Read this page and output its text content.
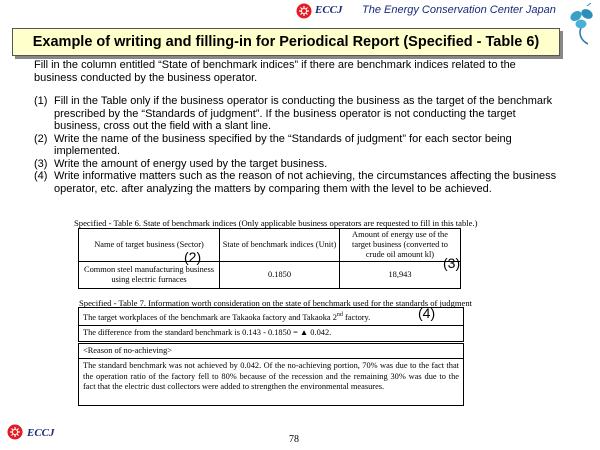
ECCJ The Energy Conservation Center Japan
Example of writing and filling-in for Periodical Report (Specified - Table 6)
Fill in the column entitled “State of benchmark indices” if there are benchmark indices related to the business conducted by the business operator.
(1) Fill in the Table only if the business operator is conducting the business as the target of the benchmark prescribed by the “Standards of judgment”. If the business operator is not conducting the target business, cross out the field with a slant line.
(2) Write the name of the business specified by the “Standards of judgment” for each sector being implemented.
(3) Write the amount of energy used by the target business.
(4) Write informative matters such as the reason of not achieving, the circumstances affecting the business operator, etc. after analyzing the matters by comparing them with the level to be achieved.
Specified - Table 6. State of benchmark indices (Only applicable business operators are requested to fill in this table.)
Name of target business (Sector)	State of benchmark indices (Unit)	Amount of energy use of the target business (converted to crude oil amount kl)
Common steel manufacturing business using electric furnaces	0.1850	18,943
(2)	(3)
Specified - Table 7. Information worth consideration on the state of benchmark used for the standards of judgment
The target workplaces of the benchmark are Takaoka factory and Takaoka 2nd factory.
The difference from the standard benchmark is 0.143 - 0.1850 = ▲ 0.042.
<Reason of no-achieving>
The standard benchmark was not achieved by 0.042. Of the no-achieving portion, 70% was due to the fact that the operation ratio of the factory fell to 80% because of the recession and the remaining 30% was due to the fact that the electric dust collectors were added to strengthen the environmental measures.
(4)
ECCJ
78
